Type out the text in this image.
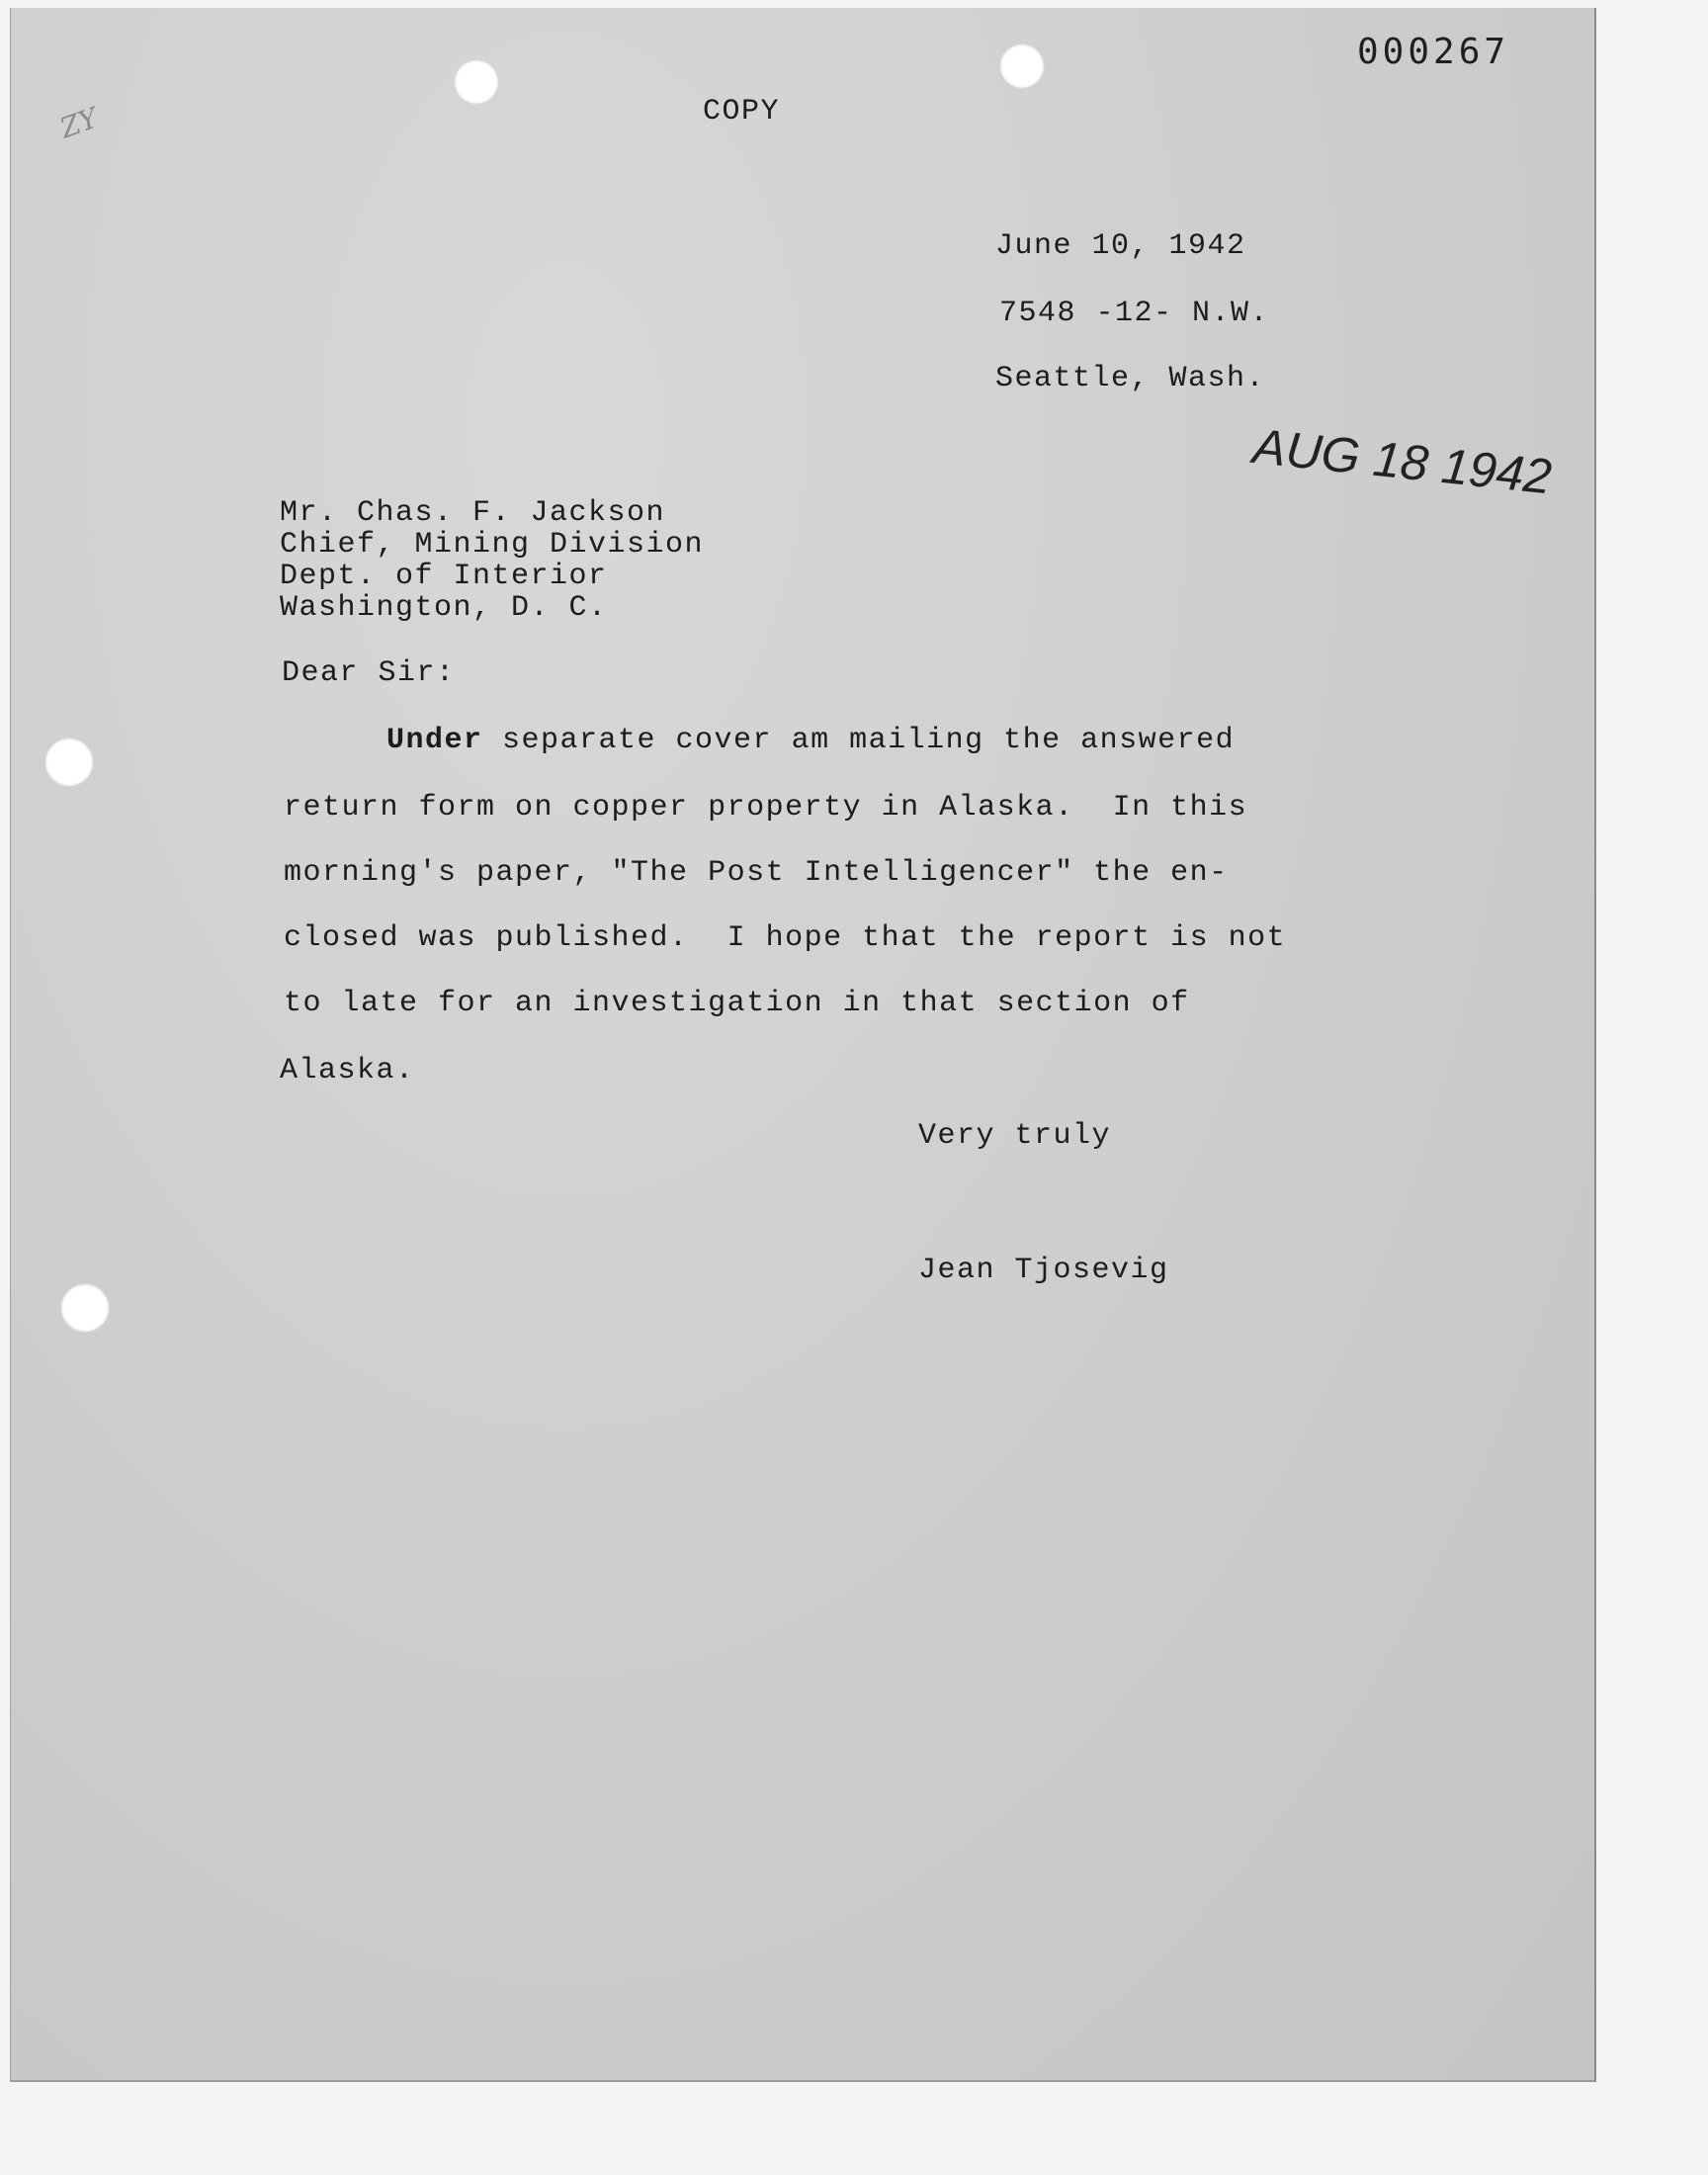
ZY
000267
COPY
June 10, 1942
7548 -12- N.W.
Seattle, Wash.
AUG 18 1942
Mr. Chas. F. Jackson
Chief, Mining Division
Dept. of Interior
Washington, D. C.
Dear Sir:
Under separate cover am mailing the answered
return form on copper property in Alaska.  In this
morning's paper, "The Post Intelligencer" the en-
closed was published.  I hope that the report is not
to late for an investigation in that section of
Alaska.
Very truly
Jean Tjosevig
